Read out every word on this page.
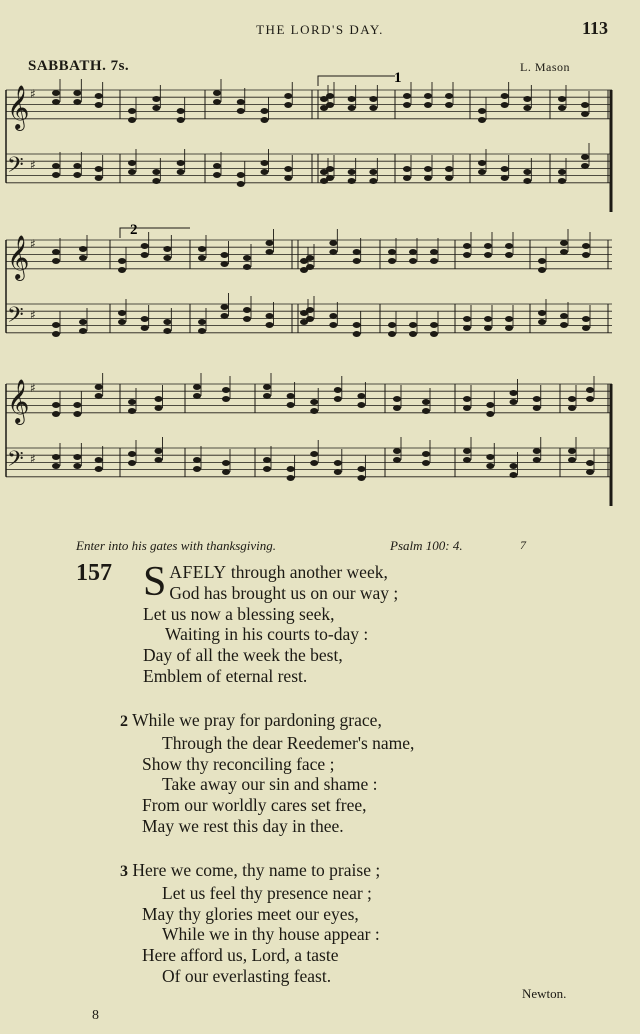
THE LORD'S DAY.	113
SABBATH. 7s.	L. Mason
1
2
𝄞 ♯
𝄢 ♯
𝄞 ♯
𝄢 ♯
𝄞 ♯
𝄢 ♯
Enter into his gates with thanksgiving.	Psalm 100: 4.	7
157 SAFELY through another week,
God has brought us on our way ;
Let us now a blessing seek,
Waiting in his courts to-day :
Day of all the week the best,
Emblem of eternal rest.
2 While we pray for pardoning grace,
Through the dear Reedemer's name,
Show thy reconciling face ;
Take away our sin and shame :
From our worldly cares set free,
May we rest this day in thee.
3 Here we come, thy name to praise ;
Let us feel thy presence near ;
May thy glories meet our eyes,
While we in thy house appear :
Here afford us, Lord, a taste
Of our everlasting feast.
Newton.
8
